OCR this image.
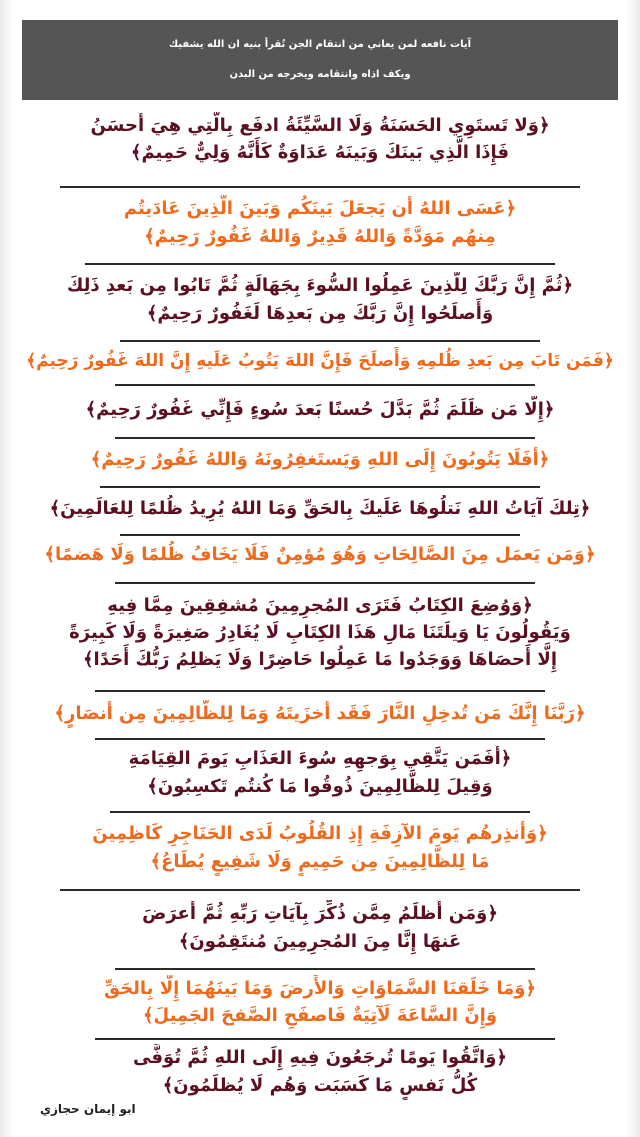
آيات نافعه لمن يعاني من انتقام الجن تُقرأ بنيه ان الله يشفيك
ويكف اذاه وانتقامه ويخرجه من البدن
﴿وَلا تَستَوِي الحَسَنَةُ وَلَا السَّيِّئَةُ ادفَع بِالَّتِي هِيَ أَحسَنُ
فَإِذَا الَّذِي بَينَكَ وَبَينَهُ عَدَاوَةٌ كَأَنَّهُ وَلِيٌّ حَمِيمٌ﴾
﴿عَسَى اللهُ أَن يَجعَلَ بَينَكُم وَبَينَ الَّذِينَ عَادَيتُم
مِنهُم مَوَدَّةً وَاللهُ قَدِيرٌ وَاللهُ غَفُورٌ رَحِيمٌ﴾
﴿ثُمَّ إِنَّ رَبَّكَ لِلَّذِينَ عَمِلُوا السُّوءَ بِجَهَالَةٍ ثُمَّ تَابُوا مِن بَعدِ ذَلِكَ
وَأَصلَحُوا إِنَّ رَبَّكَ مِن بَعدِهَا لَغَفُورٌ رَحِيمٌ﴾
﴿فَمَن تَابَ مِن بَعدِ ظُلمِهِ وَأَصلَحَ فَإِنَّ اللهَ يَتُوبُ عَلَيهِ إِنَّ اللهَ غَفُورٌ رَحِيمٌ﴾
﴿إِلَّا مَن ظَلَمَ ثُمَّ بَدَّلَ حُسنًا بَعدَ سُوءٍ فَإِنِّي غَفُورٌ رَحِيمٌ﴾
﴿أَفَلَا يَتُوبُونَ إِلَى اللهِ وَيَستَغفِرُونَهُ وَاللهُ غَفُورٌ رَحِيمٌ﴾
﴿تِلكَ آيَاتُ اللهِ نَتلُوهَا عَلَيكَ بِالحَقِّ وَمَا اللهُ يُرِيدُ ظُلمًا لِلعَالَمِينَ﴾
﴿وَمَن يَعمَل مِنَ الصَّالِحَاتِ وَهُوَ مُؤمِنٌ فَلَا يَخَافُ ظُلمًا وَلَا هَضمًا﴾
﴿وَوُضِعَ الكِتَابُ فَتَرَى المُجرِمِينَ مُشفِقِينَ مِمَّا فِيهِ
وَيَقُولُونَ يَا وَيلَتَنَا مَالِ هَذَا الكِتَابِ لَا يُغَادِرُ صَغِيرَةً وَلَا كَبِيرَةً
إِلَّا أَحصَاهَا وَوَجَدُوا مَا عَمِلُوا حَاضِرًا وَلَا يَظلِمُ رَبُّكَ أَحَدًا﴾
﴿رَبَّنَا إِنَّكَ مَن تُدخِلِ النَّارَ فَقَد أَخزَيتَهُ وَمَا لِلظَّالِمِينَ مِن أَنصَارٍ﴾
﴿أَفَمَن يَتَّقِي بِوَجهِهِ سُوءَ العَذَابِ يَومَ القِيَامَةِ
وَقِيلَ لِلظَّالِمِينَ ذُوقُوا مَا كُنتُم تَكسِبُونَ﴾
﴿وَأَنذِرهُم يَومَ الآزِفَةِ إِذِ القُلُوبُ لَدَى الحَنَاجِرِ كَاظِمِينَ
مَا لِلظَّالِمِينَ مِن حَمِيمٍ وَلَا شَفِيعٍ يُطَاعُ﴾
﴿وَمَن أَظلَمُ مِمَّن ذُكِّرَ بِآيَاتِ رَبِّهِ ثُمَّ أَعرَضَ
عَنهَا إِنَّا مِنَ المُجرِمِينَ مُنتَقِمُونَ﴾
﴿وَمَا خَلَقنَا السَّمَاوَاتِ وَالأَرضَ وَمَا بَينَهُمَا إِلَّا بِالحَقِّ
وَإِنَّ السَّاعَةَ لَآتِيَةٌ فَاصفَحِ الصَّفحَ الجَمِيلَ﴾
﴿وَاتَّقُوا يَومًا تُرجَعُونَ فِيهِ إِلَى اللهِ ثُمَّ تُوَفَّى
كُلُّ نَفسٍ مَا كَسَبَت وَهُم لَا يُظلَمُونَ﴾
ابو إيمان حجازي
